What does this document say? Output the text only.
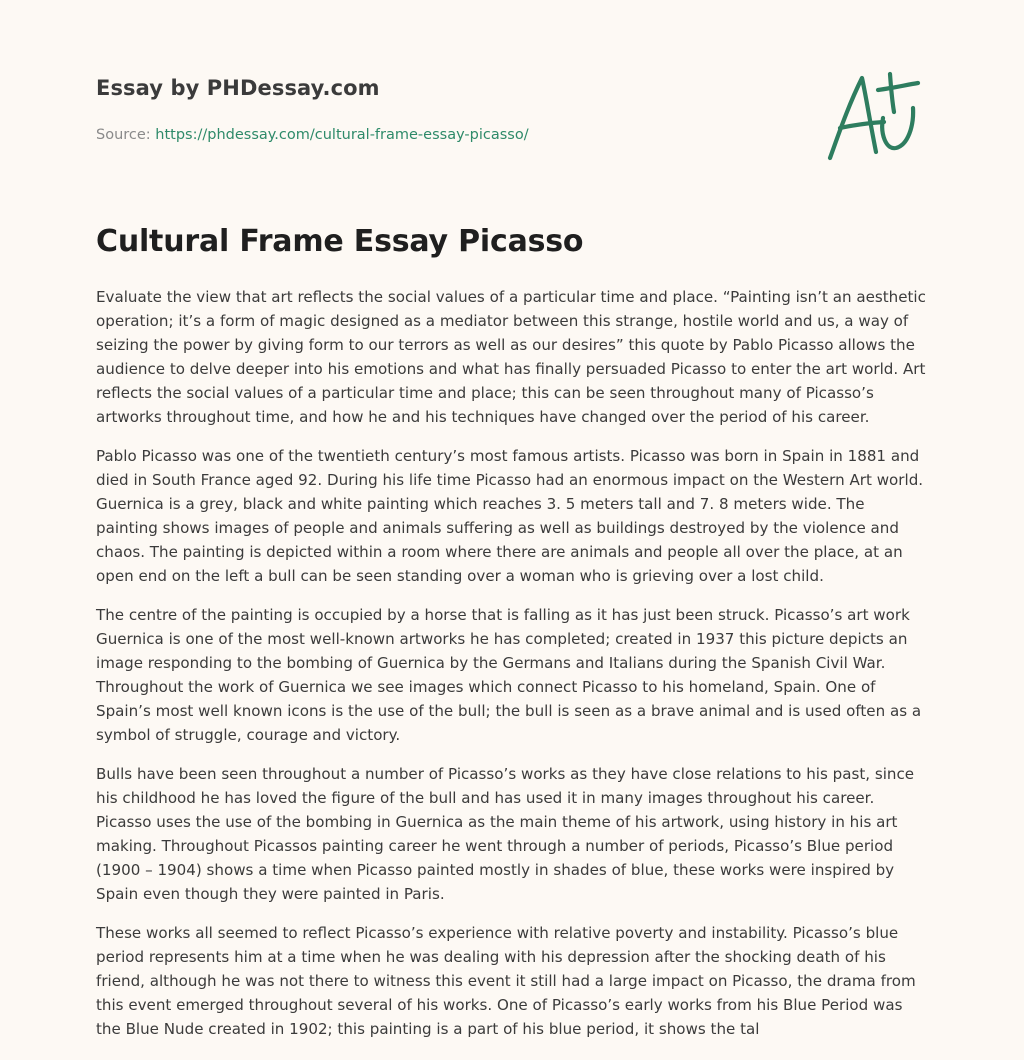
Essay by PHDessay.com
Source: https://phdessay.com/cultural-frame-essay-picasso/
Cultural Frame Essay Picasso

Evaluate the view that art reflects the social values of a particular time and place. “Painting isn’t an aesthetic operation; it’s a form of magic designed as a mediator between this strange, hostile world and us, a way of seizing the power by giving form to our terrors as well as our desires” this quote by Pablo Picasso allows the audience to delve deeper into his emotions and what has finally persuaded Picasso to enter the art world. Art reflects the social values of a particular time and place; this can be seen throughout many of Picasso’s artworks throughout time, and how he and his techniques have changed over the period of his career.

Pablo Picasso was one of the twentieth century’s most famous artists. Picasso was born in Spain in 1881 and died in South France aged 92. During his life time Picasso had an enormous impact on the Western Art world. Guernica is a grey, black and white painting which reaches 3. 5 meters tall and 7. 8 meters wide. The painting shows images of people and animals suffering as well as buildings destroyed by the violence and chaos. The painting is depicted within a room where there are animals and people all over the place, at an open end on the left a bull can be seen standing over a woman who is grieving over a lost child.

The centre of the painting is occupied by a horse that is falling as it has just been struck. Picasso’s art work Guernica is one of the most well-known artworks he has completed; created in 1937 this picture depicts an image responding to the bombing of Guernica by the Germans and Italians during the Spanish Civil War. Throughout the work of Guernica we see images which connect Picasso to his homeland, Spain. One of Spain’s most well known icons is the use of the bull; the bull is seen as a brave animal and is used often as a symbol of struggle, courage and victory.

Bulls have been seen throughout a number of Picasso’s works as they have close relations to his past, since his childhood he has loved the figure of the bull and has used it in many images throughout his career. Picasso uses the use of the bombing in Guernica as the main theme of his artwork, using history in his art making. Throughout Picassos painting career he went through a number of periods, Picasso’s Blue period (1900 – 1904) shows a time when Picasso painted mostly in shades of blue, these works were inspired by Spain even though they were painted in Paris.

These works all seemed to reflect Picasso’s experience with relative poverty and instability. Picasso’s blue period represents him at a time when he was dealing with his depression after the shocking death of his friend, although he was not there to witness this event it still had a large impact on Picasso, the drama from this event emerged throughout several of his works. One of Picasso’s early works from his Blue Period was the Blue Nude created in 1902; this painting is a part of his blue period, it shows the tal
